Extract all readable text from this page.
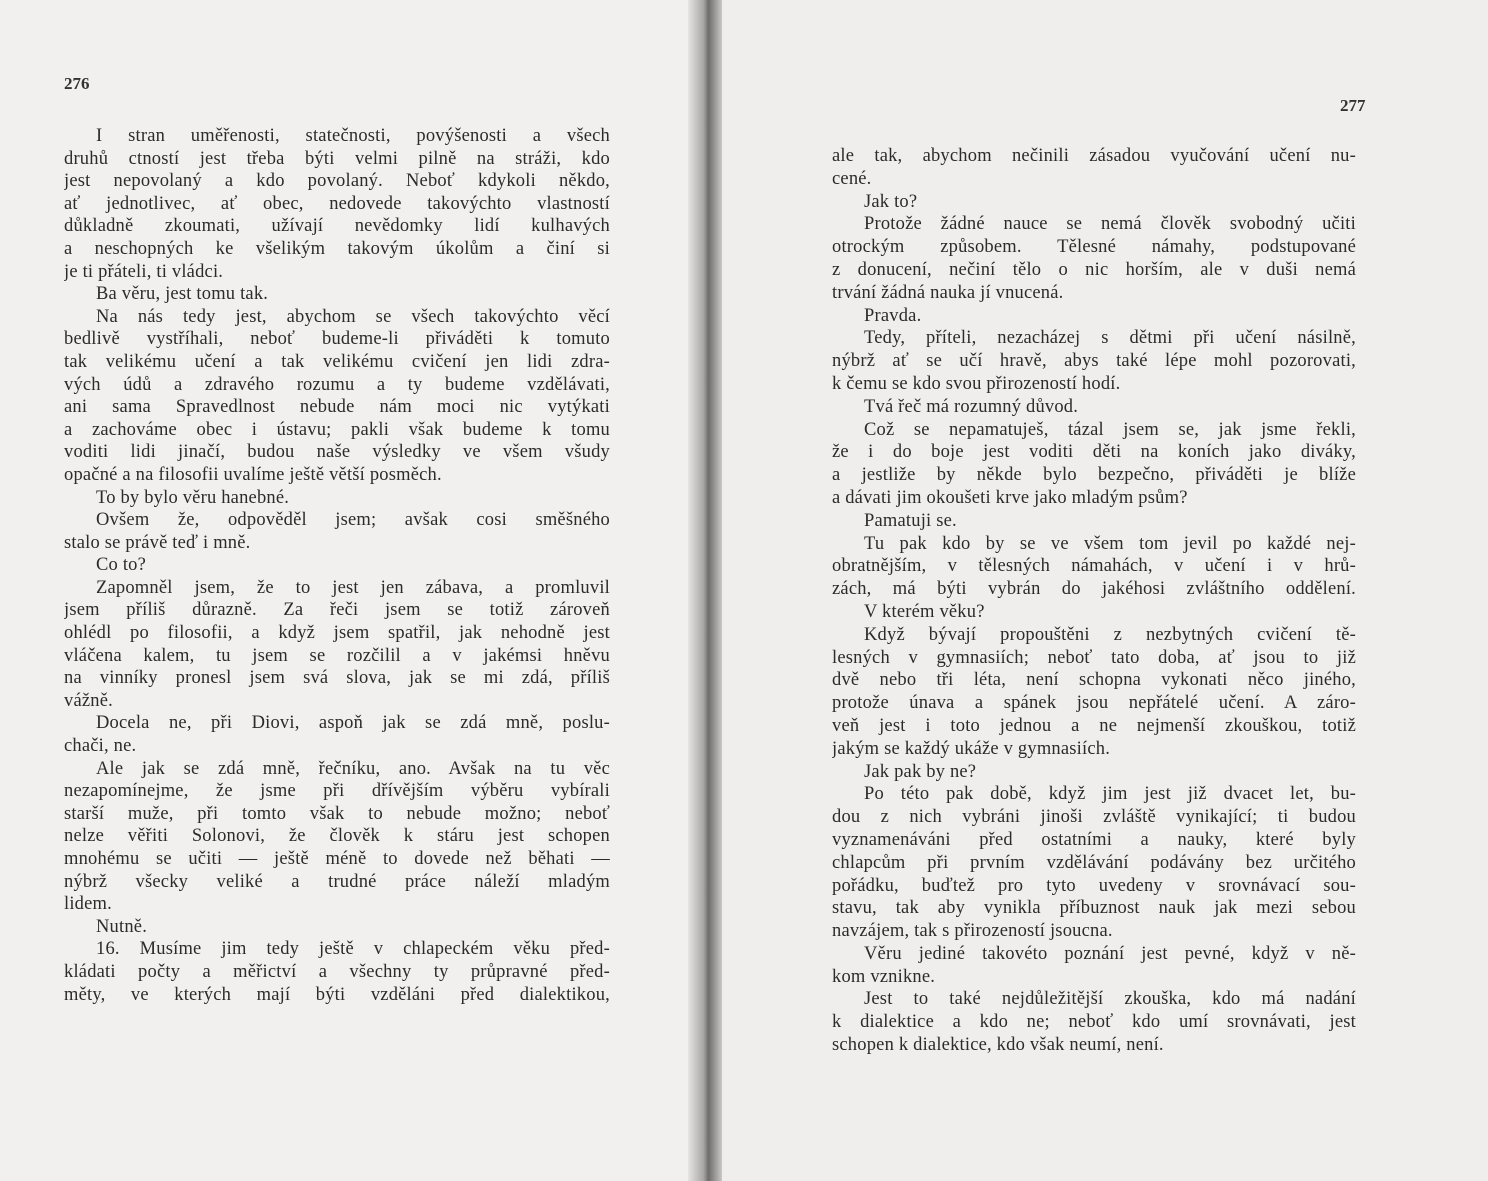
276
I stran uměřenosti, statečnosti, povýšenosti a všech
druhů ctností jest třeba býti velmi pilně na stráži, kdo
jest nepovolaný a kdo povolaný. Neboť kdykoli někdo,
ať jednotlivec, ať obec, nedovede takovýchto vlastností
důkladně zkoumati, užívají nevědomky lidí kulhavých
a neschopných ke všelikým takovým úkolům a činí si
je ti přáteli, ti vládci.
Ba věru, jest tomu tak.
Na nás tedy jest, abychom se všech takovýchto věcí
bedlivě vystříhali, neboť budeme-li přiváděti k tomuto
tak velikému učení a tak velikému cvičení jen lidi zdra-
vých údů a zdravého rozumu a ty budeme vzdělávati,
ani sama Spravedlnost nebude nám moci nic vytýkati
a zachováme obec i ústavu; pakli však budeme k tomu
voditi lidi jinačí, budou naše výsledky ve všem všudy
opačné a na filosofii uvalíme ještě větší posměch.
To by bylo věru hanebné.
Ovšem že, odpověděl jsem; avšak cosi směšného
stalo se právě teď i mně.
Co to?
Zapomněl jsem, že to jest jen zábava, a promluvil
jsem příliš důrazně. Za řeči jsem se totiž zároveň
ohlédl po filosofii, a když jsem spatřil, jak nehodně jest
vláčena kalem, tu jsem se rozčilil a v jakémsi hněvu
na vinníky pronesl jsem svá slova, jak se mi zdá, příliš
vážně.
Docela ne, při Diovi, aspoň jak se zdá mně, poslu-
chači, ne.
Ale jak se zdá mně, řečníku, ano. Avšak na tu věc
nezapomínejme, že jsme při dřívějším výběru vybírali
starší muže, při tomto však to nebude možno; neboť
nelze věřiti Solonovi, že člověk k stáru jest schopen
mnohému se učiti — ještě méně to dovede než běhati —
nýbrž všecky veliké a trudné práce náleží mladým
lidem.
Nutně.
16. Musíme jim tedy ještě v chlapeckém věku před-
kládati počty a měřictví a všechny ty průpravné před-
měty, ve kterých mají býti vzděláni před dialektikou,
277
ale tak, abychom nečinili zásadou vyučování učení nu-
cené.
Jak to?
Protože žádné nauce se nemá člověk svobodný učiti
otrockým způsobem. Tělesné námahy, podstupované
z donucení, nečiní tělo o nic horším, ale v duši nemá
trvání žádná nauka jí vnucená.
Pravda.
Tedy, příteli, nezacházej s dětmi při učení násilně,
nýbrž ať se učí hravě, abys také lépe mohl pozorovati,
k čemu se kdo svou přirozeností hodí.
Tvá řeč má rozumný důvod.
Což se nepamatuješ, tázal jsem se, jak jsme řekli,
že i do boje jest voditi děti na koních jako diváky,
a jestliže by někde bylo bezpečno, přiváděti je blíže
a dávati jim okoušeti krve jako mladým psům?
Pamatuji se.
Tu pak kdo by se ve všem tom jevil po každé nej-
obratnějším, v tělesných námahách, v učení i v hrů-
zách, má býti vybrán do jakéhosi zvláštního oddělení.
V kterém věku?
Když bývají propouštěni z nezbytných cvičení tě-
lesných v gymnasiích; neboť tato doba, ať jsou to již
dvě nebo tři léta, není schopna vykonati něco jiného,
protože únava a spánek jsou nepřátelé učení. A záro-
veň jest i toto jednou a ne nejmenší zkouškou, totiž
jakým se každý ukáže v gymnasiích.
Jak pak by ne?
Po této pak době, když jim jest již dvacet let, bu-
dou z nich vybráni jinoši zvláště vynikající; ti budou
vyznamenáváni před ostatními a nauky, které byly
chlapcům při prvním vzdělávání podávány bez určitého
pořádku, buďtež pro tyto uvedeny v srovnávací sou-
stavu, tak aby vynikla příbuznost nauk jak mezi sebou
navzájem, tak s přirozeností jsoucna.
Věru jediné takovéto poznání jest pevné, když v ně-
kom vznikne.
Jest to také nejdůležitější zkouška, kdo má nadání
k dialektice a kdo ne; neboť kdo umí srovnávati, jest
schopen k dialektice, kdo však neumí, není.
